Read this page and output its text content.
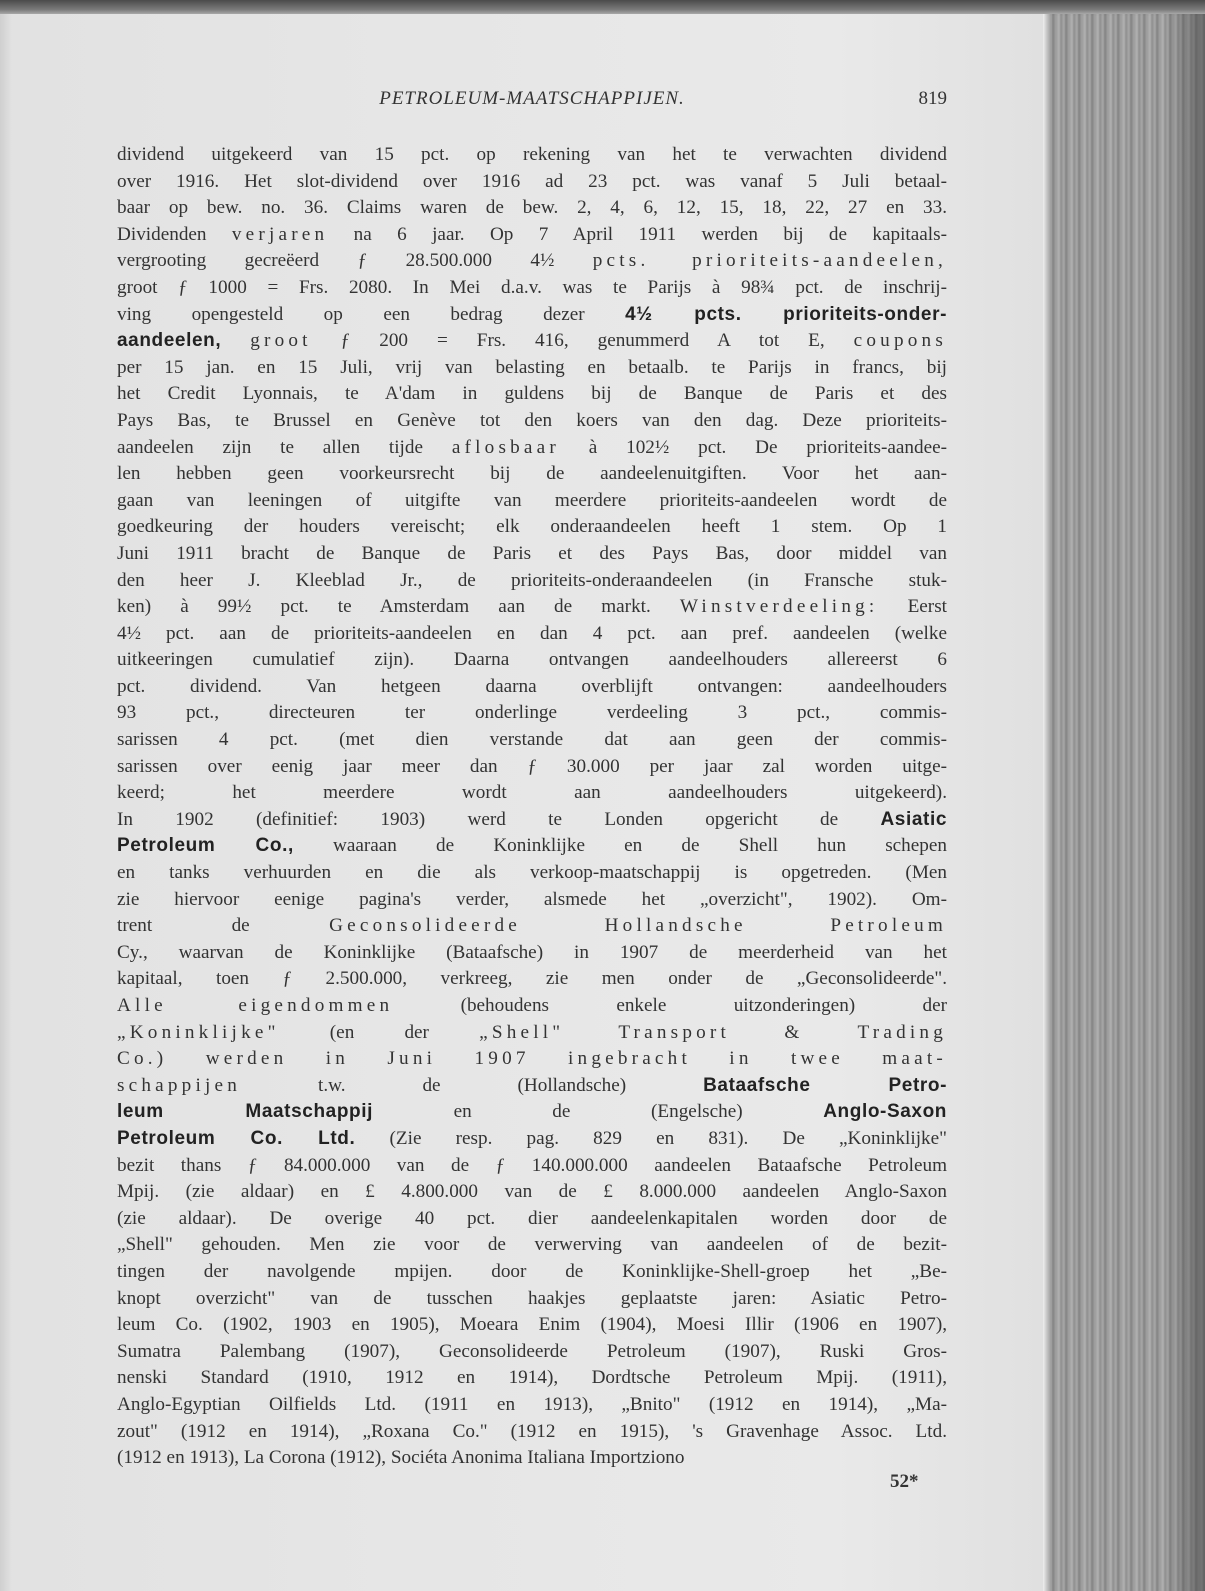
PETROLEUM-MAATSCHAPPIJEN.	819
dividend uitgekeerd van 15 pct. op rekening van het te verwachten dividend
over 1916. Het slot-dividend over 1916 ad 23 pct. was vanaf 5 Juli betaal-
baar op bew. no. 36. Claims waren de bew. 2, 4, 6, 12, 15, 18, 22, 27 en 33.
Dividenden verjaren na 6 jaar. Op 7 April 1911 werden bij de kapitaals-
vergrooting gecreëerd ƒ 28.500.000 4½ pcts. prioriteits-aandeelen,
groot ƒ 1000 = Frs. 2080. In Mei d.a.v. was te Parijs à 98¾ pct. de inschrij-
ving opengesteld op een bedrag dezer 4½ pcts. prioriteits-onder-
aandeelen, groot ƒ 200 = Frs. 416, genummerd A tot E, coupons
per 15 jan. en 15 Juli, vrij van belasting en betaalb. te Parijs in francs, bij
het Credit Lyonnais, te A'dam in guldens bij de Banque de Paris et des
Pays Bas, te Brussel en Genève tot den koers van den dag. Deze prioriteits-
aandeelen zijn te allen tijde aflosbaar à 102½ pct. De prioriteits-aandee-
len hebben geen voorkeursrecht bij de aandeelenuitgiften. Voor het aan-
gaan van leeningen of uitgifte van meerdere prioriteits-aandeelen wordt de
goedkeuring der houders vereischt; elk onderaandeelen heeft 1 stem. Op 1
Juni 1911 bracht de Banque de Paris et des Pays Bas, door middel van
den heer J. Kleeblad Jr., de prioriteits-onderaandeelen (in Fransche stuk-
ken) à 99½ pct. te Amsterdam aan de markt. Winstverdeeling: Eerst
4½ pct. aan de prioriteits-aandeelen en dan 4 pct. aan pref. aandeelen (welke
uitkeeringen cumulatief zijn). Daarna ontvangen aandeelhouders allereerst 6
pct. dividend. Van hetgeen daarna overblijft ontvangen: aandeelhouders
93 pct., directeuren ter onderlinge verdeeling 3 pct., commis-
sarissen 4 pct. (met dien verstande dat aan geen der commis-
sarissen over eenig jaar meer dan ƒ 30.000 per jaar zal worden uitge-
keerd; het meerdere wordt aan aandeelhouders uitgekeerd).
In 1902 (definitief: 1903) werd te Londen opgericht de Asiatic
Petroleum Co., waaraan de Koninklijke en de Shell hun schepen
en tanks verhuurden en die als verkoop-maatschappij is opgetreden. (Men
zie hiervoor eenige pagina's verder, alsmede het „overzicht", 1902). Om-
trent de Geconsolideerde Hollandsche Petroleum
Cy., waarvan de Koninklijke (Bataafsche) in 1907 de meerderheid van het
kapitaal, toen ƒ 2.500.000, verkreeg, zie men onder de „Geconsolideerde".
Alle eigendommen (behoudens enkele uitzonderingen) der
„Koninklijke" (en der „Shell" Transport & Trading
Co.) werden in Juni 1907 ingebracht in twee maat-
schappijen t.w. de (Hollandsche) Bataafsche Petro-
leum Maatschappij en de (Engelsche) Anglo-Saxon
Petroleum Co. Ltd. (Zie resp. pag. 829 en 831). De „Koninklijke"
bezit thans ƒ 84.000.000 van de ƒ 140.000.000 aandeelen Bataafsche Petroleum
Mpij. (zie aldaar) en £ 4.800.000 van de £ 8.000.000 aandeelen Anglo-Saxon
(zie aldaar). De overige 40 pct. dier aandeelenkapitalen worden door de
„Shell" gehouden. Men zie voor de verwerving van aandeelen of de bezit-
tingen der navolgende mpijen. door de Koninklijke-Shell-groep het „Be-
knopt overzicht" van de tusschen haakjes geplaatste jaren: Asiatic Petro-
leum Co. (1902, 1903 en 1905), Moeara Enim (1904), Moesi Illir (1906 en 1907),
Sumatra Palembang (1907), Geconsolideerde Petroleum (1907), Ruski Gros-
nenski Standard (1910, 1912 en 1914), Dordtsche Petroleum Mpij. (1911),
Anglo-Egyptian Oilfields Ltd. (1911 en 1913), „Bnito" (1912 en 1914), „Ma-
zout" (1912 en 1914), „Roxana Co." (1912 en 1915), 's Gravenhage Assoc. Ltd.
(1912 en 1913), La Corona (1912), Sociéta Anonima Italiana Importziono
52*
